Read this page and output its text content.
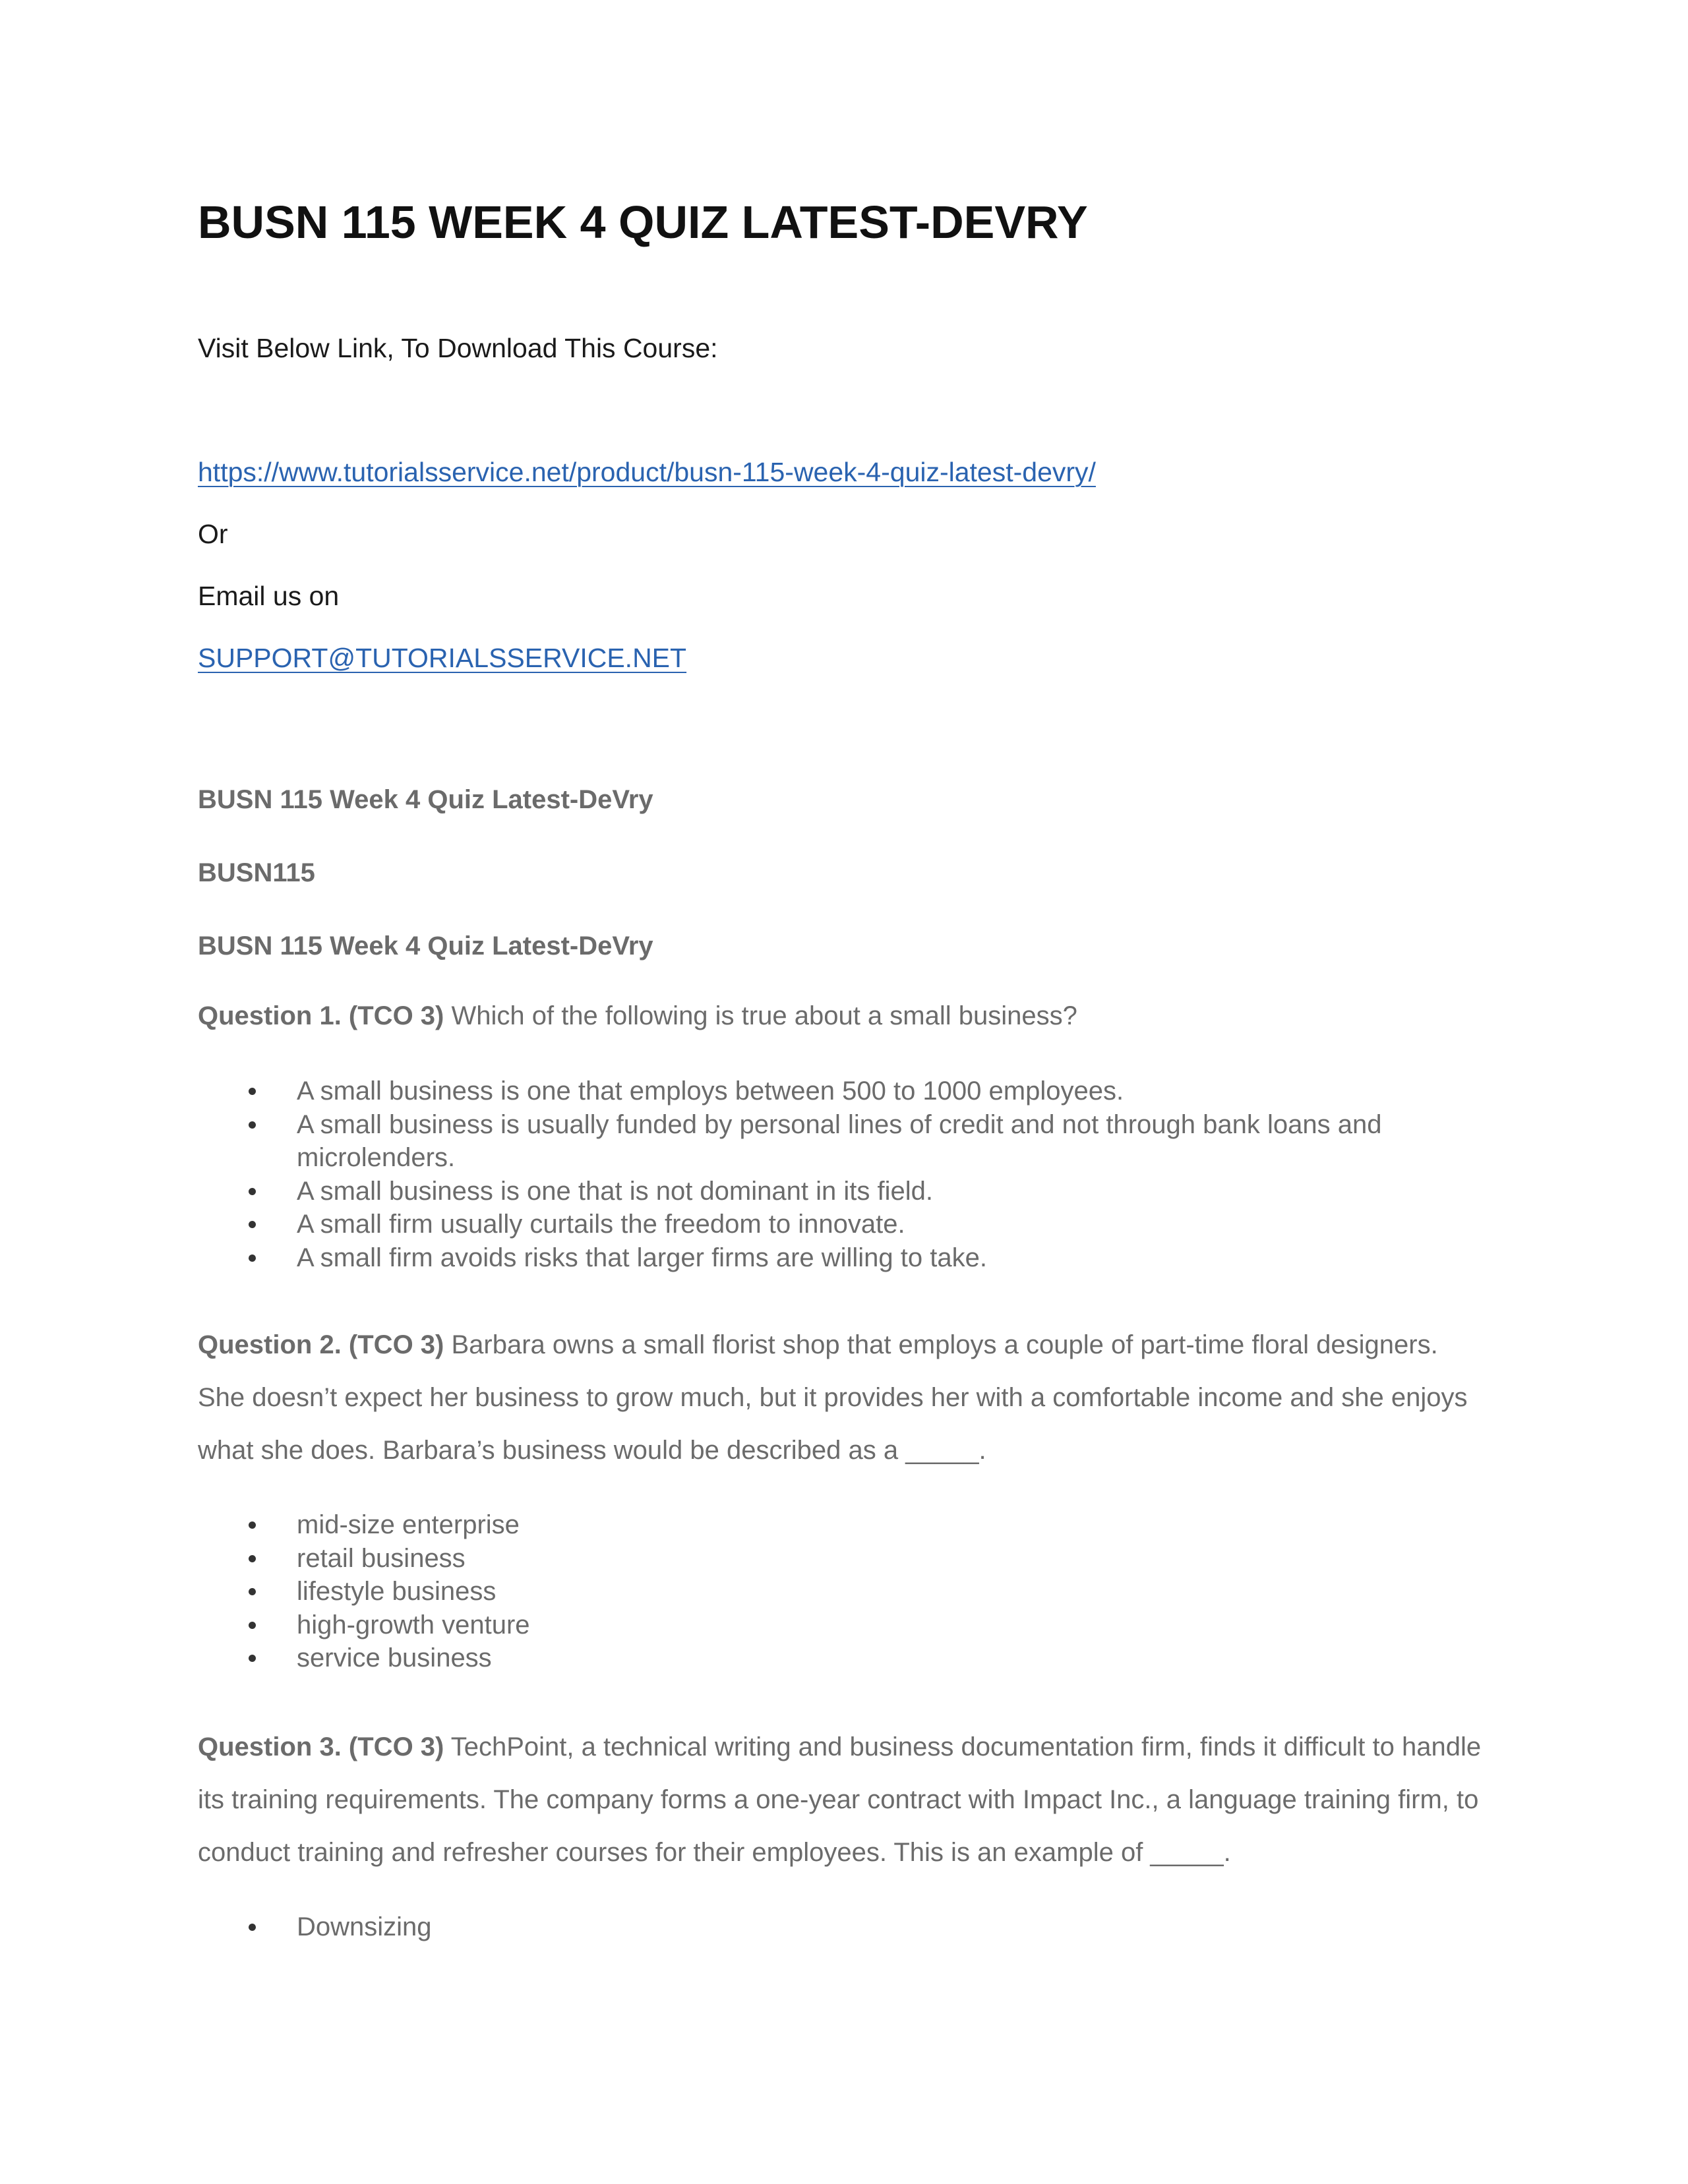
BUSN 115 WEEK 4 QUIZ LATEST-DEVRY
Visit Below Link, To Download This Course:
https://www.tutorialsservice.net/product/busn-115-week-4-quiz-latest-devry/
Or
Email us on
SUPPORT@TUTORIALSSERVICE.NET
BUSN 115 Week 4 Quiz Latest-DeVry
BUSN115
BUSN 115 Week 4 Quiz Latest-DeVry
Question 1. (TCO 3) Which of the following is true about a small business?
A small business is one that employs between 500 to 1000 employees.
A small business is usually funded by personal lines of credit and not through bank loans and microlenders.
A small business is one that is not dominant in its field.
A small firm usually curtails the freedom to innovate.
A small firm avoids risks that larger firms are willing to take.
Question 2. (TCO 3) Barbara owns a small florist shop that employs a couple of part-time floral designers. She doesn’t expect her business to grow much, but it provides her with a comfortable income and she enjoys what she does. Barbara’s business would be described as a _____.
mid-size enterprise
retail business
lifestyle business
high-growth venture
service business
Question 3. (TCO 3) TechPoint, a technical writing and business documentation firm, finds it difficult to handle its training requirements. The company forms a one-year contract with Impact Inc., a language training firm, to conduct training and refresher courses for their employees. This is an example of _____.
Downsizing
